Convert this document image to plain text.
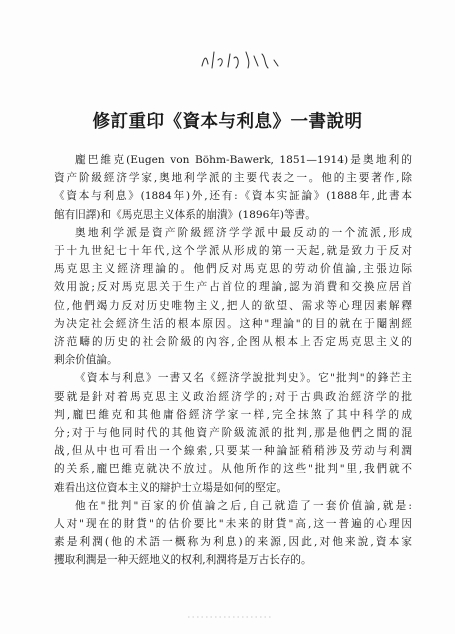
修訂重印《資本与利息》一書說明

龐巴維克(Eugen von Böhm-Bawerk, 1851—1914)是奥地利的
資产阶級經济学家,奥地利学派的主要代表之一。他的主要著作,除
《資本与利息》(1884年)外,还有:《資本实証論》(1888年,此書本
館有旧譯)和《馬克思主义体系的崩潰》(1896年)等書。

奥地利学派是資产阶級經济学学派中最反动的一个流派,形成
于十九世紀七十年代,这个学派从形成的第一天起,就是致力于反对
馬克思主义經济理論的。他們反对馬克思的劳动价值論,主張边际
效用說;反对馬克思关于生产占首位的理論,認为消費和交換应居首
位,他們竭力反对历史唯物主义,把人的欲望、需求等心理因素解釋
为决定社会經济生活的根本原因。这种"理論"的目的就在于閹割經
济范疇的历史的社会阶級的內容,企图从根本上否定馬克思主义的
剩余价值論。

《資本与利息》一書又名《經济学說批判史》。它"批判"的鋒芒主
要就是針对着馬克思主义政治經济学的;对于古典政治經济学的批
判,龐巴維克和其他庸俗經济学家一样,完全抹煞了其中科学的成
分;对于与他同时代的其他資产阶級流派的批判,那是他們之間的混
战,但从中也可看出一个線索,只要某一种論証稍稍涉及劳动与利潤
的关系,龐巴維克就决不放过。从他所作的这些"批判"里,我們就不
难看出这位資本主义的辯护士立場是如何的堅定。

他在"批判"百家的价值論之后,自己就造了一套价值論,就是:
人对"现在的財貨"的估价要比"未来的財貨"高,这一普遍的心理因
素是利潤(他的术語一概称为利息)的来源,因此,对他来說,資本家
攫取利潤是一种天經地义的权利,利潤将是万古长存的。
